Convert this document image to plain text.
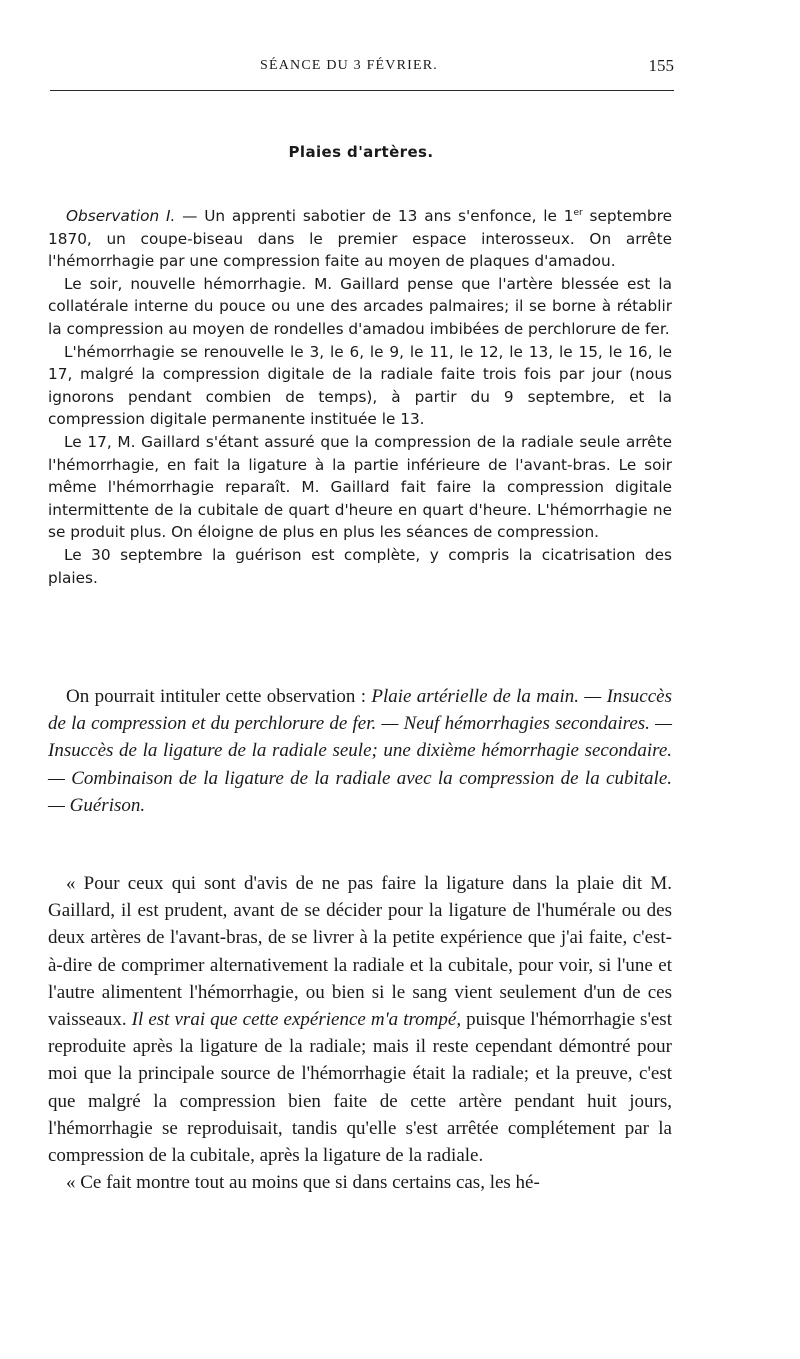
SÉANCE DU 3 FÉVRIER.	155
Plaies d'artères.

Observation I. — Un apprenti sabotier de 13 ans s'enfonce, le 1er septembre 1870, un coupe-biseau dans le premier espace interosseux. On arrête l'hémorrhagie par une compression faite au moyen de plaques d'amadou.

Le soir, nouvelle hémorrhagie. M. Gaillard pense que l'artère blessée est la collatérale interne du pouce ou une des arcades palmaires; il se borne à rétablir la compression au moyen de rondelles d'amadou imbibées de perchlorure de fer.

L'hémorrhagie se renouvelle le 3, le 6, le 9, le 11, le 12, le 13, le 15, le 16, le 17, malgré la compression digitale de la radiale faite trois fois par jour (nous ignorons pendant combien de temps), à partir du 9 septembre, et la compression digitale permanente instituée le 13.

Le 17, M. Gaillard s'étant assuré que la compression de la radiale seule arrête l'hémorrhagie, en fait la ligature à la partie inférieure de l'avant-bras. Le soir même l'hémorrhagie reparaît. M. Gaillard fait faire la compression digitale intermittente de la cubitale de quart d'heure en quart d'heure. L'hémorrhagie ne se produit plus. On éloigne de plus en plus les séances de compression.

Le 30 septembre la guérison est complète, y compris la cicatrisation des plaies.

On pourrait intituler cette observation : Plaie artérielle de la main. — Insuccès de la compression et du perchlorure de fer. — Neuf hémorrhagies secondaires. — Insuccès de la ligature de la radiale seule; une dixième hémorrhagie secondaire. — Combinaison de la ligature de la radiale avec la compression de la cubitale. — Guérison.

« Pour ceux qui sont d'avis de ne pas faire la ligature dans la plaie dit M. Gaillard, il est prudent, avant de se décider pour la ligature de l'humérale ou des deux artères de l'avant-bras, de se livrer à la petite expérience que j'ai faite, c'est-à-dire de comprimer alternativement la radiale et la cubitale, pour voir, si l'une et l'autre alimentent l'hémorrhagie, ou bien si le sang vient seulement d'un de ces vaisseaux. Il est vrai que cette expérience m'a trompé, puisque l'hémorrhagie s'est reproduite après la ligature de la radiale; mais il reste cependant démontré pour moi que la principale source de l'hémorrhagie était la radiale; et la preuve, c'est que malgré la compression bien faite de cette artère pendant huit jours, l'hémorrhagie se reproduisait, tandis qu'elle s'est arrêtée complétement par la compression de la cubitale, après la ligature de la radiale.

« Ce fait montre tout au moins que si dans certains cas, les hé-
